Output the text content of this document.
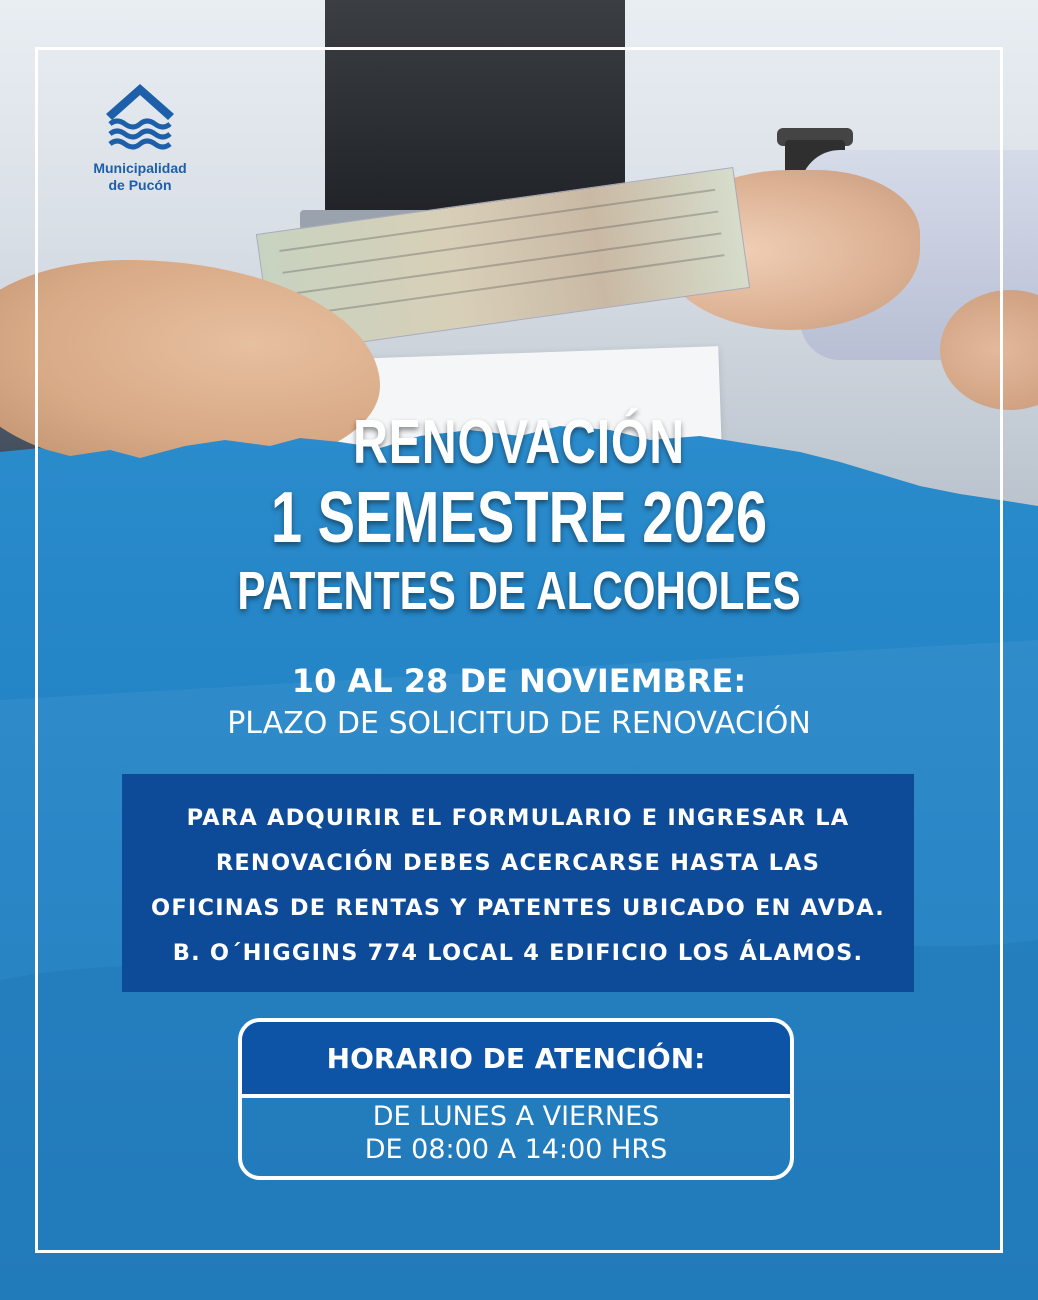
Municipalidad
de Pucón
RENOVACIÓN
1 SEMESTRE 2026
PATENTES DE ALCOHOLES
10 AL 28 DE NOVIEMBRE:
PLAZO DE SOLICITUD DE RENOVACIÓN
PARA ADQUIRIR EL FORMULARIO E INGRESAR LA
RENOVACIÓN DEBES ACERCARSE HASTA LAS
OFICINAS DE RENTAS Y PATENTES UBICADO EN AVDA.
B. O´HIGGINS 774 LOCAL 4 EDIFICIO LOS ÁLAMOS.
HORARIO DE ATENCIÓN:
DE LUNES A VIERNES
DE 08:00 A 14:00 HRS
